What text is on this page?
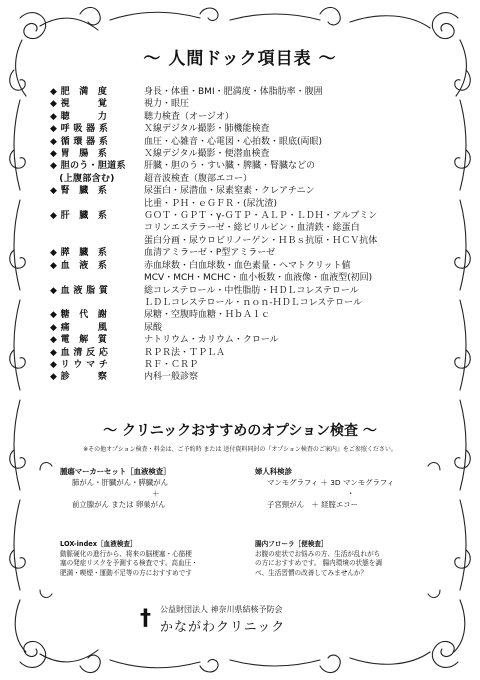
～ 人間ドック項目表 ～
◆ 肥　満　度	身長・体重・BMI・肥満度・体脂肪率・腹囲
◆ 視　　　覚	視力・眼圧
◆ 聴　　　力	聴力検査（オージオ）
◆ 呼 吸 器 系	Ｘ線デジタル撮影・肺機能検査
◆ 循 環 器 系	血圧・心雑音・心電図・心拍数・眼底(両眼)
◆ 胃　腸　系	Ｘ線デジタル撮影・便潜血検査
◆ 胆のう・胆道系	肝臓・胆のう・すい臓・脾臓・腎臓などの
　(上腹部含む)	超音波検査（腹部エコー）
◆ 腎　臓　系	尿蛋白・尿潜血・尿素窒素・クレアチニン
比重・ＰＨ・ｅＧＦＲ・(尿沈渣)
◆ 肝　臓　系	ＧＯＴ・ＧＰＴ・γ-ＧＴＰ・ＡＬＰ・ＬＤＨ・アルブミン
コリンエステラーゼ・総ビリルビン・血清鉄・総蛋白
蛋白分画・尿ウロビリノーゲン・ＨＢｓ抗原・ＨＣＶ抗体
◆ 膵　臓　系	血清アミラーゼ・P型アミラーゼ
◆ 血　液　系	赤血球数・白血球数・血色素量・ヘマトクリット値
MCV・MCH・MCHC・血小板数・血液像・血液型(初回)
◆ 血 液 脂 質	総コレステロール・中性脂肪・ＨＤＬコレステロール
ＬＤＬコレステロール・ｎｏｎ-ＨＤＬコレステロール
◆ 糖　代　謝	尿糖・空腹時血糖・ＨｂＡ１ｃ
◆ 痛　　　風	尿酸
◆ 電　解　質	ナトリウム・カリウム・クロール
◆ 血 清 反 応	ＲＰＲ法・ＴＰＬＡ
◆ リ ウ マ チ	ＲＦ・ＣＲＰ
◆ 診　　　察	内科一般診察
～ クリニックおすすめのオプション検査 ～
※その他オプション検査・料金は、ご予約時 または 送付資料同封の『オプション検査のご案内』をご参照ください。
腫瘍マーカーセット［血液検査］
肺がん・肝臓がん・膵臓がん
＋
前立腺がん または 卵巣がん
婦人科検診
マンモグラフィ ＋ 3D マンモグラフィ
・
子宮頸がん　＋ 経腟エコー
LOX-index［血液検査］
動脈硬化の進行から、将来の脳梗塞・心筋梗
塞の発症リスクを予測する検査です。高血圧・
肥満・喫煙・運動不足等の方におすすめです
腸内フローラ［便検査］
お腹の症状でお悩みの方、生活が乱れがち
の方におすすめです。 腸内環境の状態を調
べ、生活習慣の改善してみませんか？
† 公益財団法人 神奈川県結核予防会
かながわクリニック
